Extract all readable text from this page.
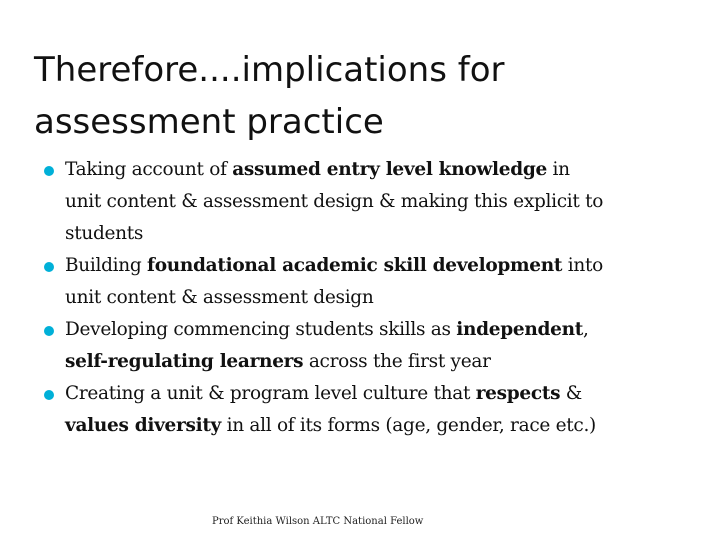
Therefore....implications for
assessment practice
Taking account of assumed entry level knowledge in
unit content & assessment design & making this explicit to
students
Building foundational academic skill development into
unit content & assessment design
Developing commencing students skills as independent,
self-regulating learners across the first year
Creating a unit & program level culture that respects &
values diversity in all of its forms (age, gender, race etc.)
Prof Keithia Wilson ALTC National Fellow
